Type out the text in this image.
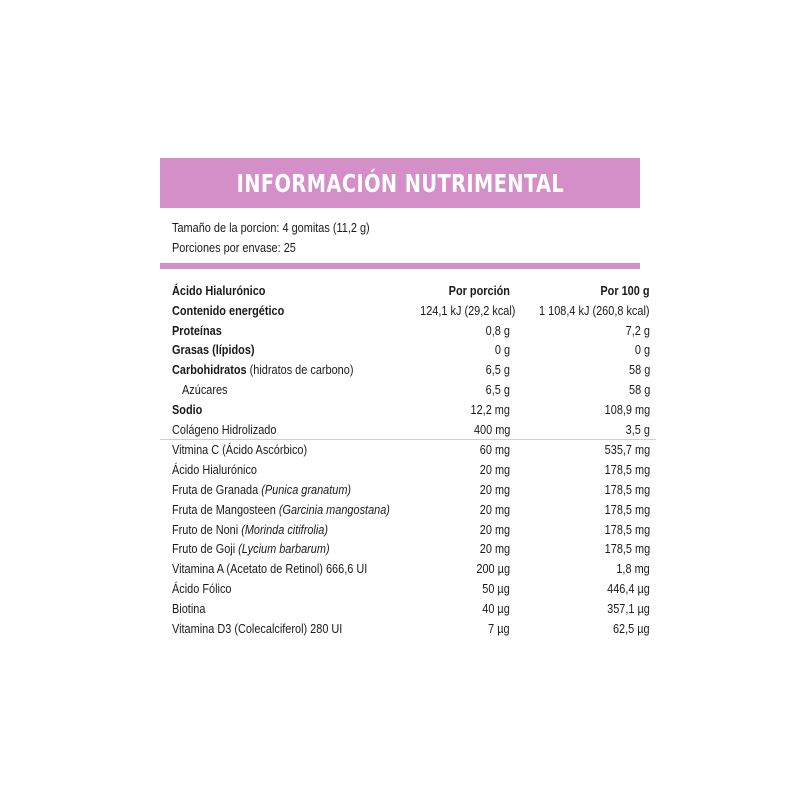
INFORMACIÓN NUTRIMENTAL
Tamaño de la porcion: 4 gomitas (11,2 g)
Porciones por envase: 25
Ácido Hialurónico	Por porción	Por 100 g
Contenido energético	124,1 kJ (29,2 kcal)	1 108,4 kJ (260,8 kcal)
Proteínas	0,8 g	7,2 g
Grasas (lípidos)	0 g	0 g
Carbohidratos (hidratos de carbono)	6,5 g	58 g
Azúcares	6,5 g	58 g
Sodio	12,2 mg	108,9 mg
Colágeno Hidrolizado	400 mg	3,5 g
Vitmina C (Ácido Ascórbico)	60 mg	535,7 mg
Ácido Hialurónico	20 mg	178,5 mg
Fruta de Granada (Punica granatum)	20 mg	178,5 mg
Fruta de Mangosteen (Garcinia mangostana)	20 mg	178,5 mg
Fruto de Noni (Morinda citifrolia)	20 mg	178,5 mg
Fruto de Goji (Lycium barbarum)	20 mg	178,5 mg
Vitamina A (Acetato de Retinol) 666,6 UI	200 µg	1,8 mg
Ácido Fólico	50 µg	446,4 µg
Biotina	40 µg	357,1 µg
Vitamina D3 (Colecalciferol) 280 UI	7 µg	62,5 µg
